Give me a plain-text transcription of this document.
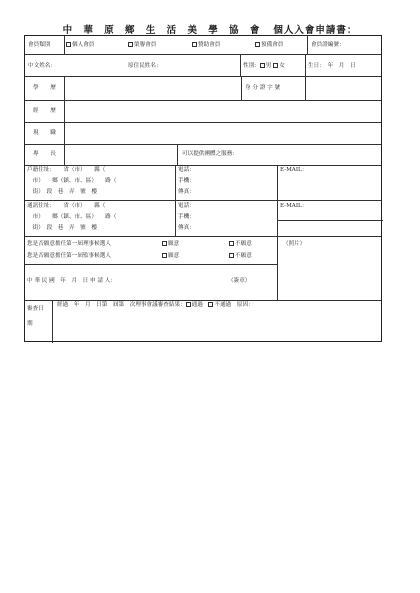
中 華 原 鄉 生 活 美 學 協 會 個人入會申請書：
會員類別	個人會員	榮譽會員	贊助會員	預備會員	會員證編號：
中文姓名：	原住民姓名：	性別： 男 女	生日：　年　月　日
學　歷	身 分 證 字 號
經　歷
現　職
專　長	可以提供團體之服務：
戶籍住址：　　省（市）　　縣（
　市）　　鄉（鎮、市、區）　　路（
　街）　段　巷　弄　號　樓
電話：
手機：
傳真：
E-MAIL：
通訊住址：　　省（市）　　縣（
　市）　　鄉（鎮、市、區）　　路（
　街）　段　巷　弄　號　樓
電話：
手機：
傳真：
E-MAIL：
您是否願意擔任第一屆理事候選人	願意	不願意
您是否願意擔任第一屆監事候選人	願意	不願意
（照片）
中 華 民 國　年　月　日 申 請 人：	（簽章）
審查日
期
經過　年　月　日第　屆第　次理事會議審查結果： 通過　 不通過　 原因：
